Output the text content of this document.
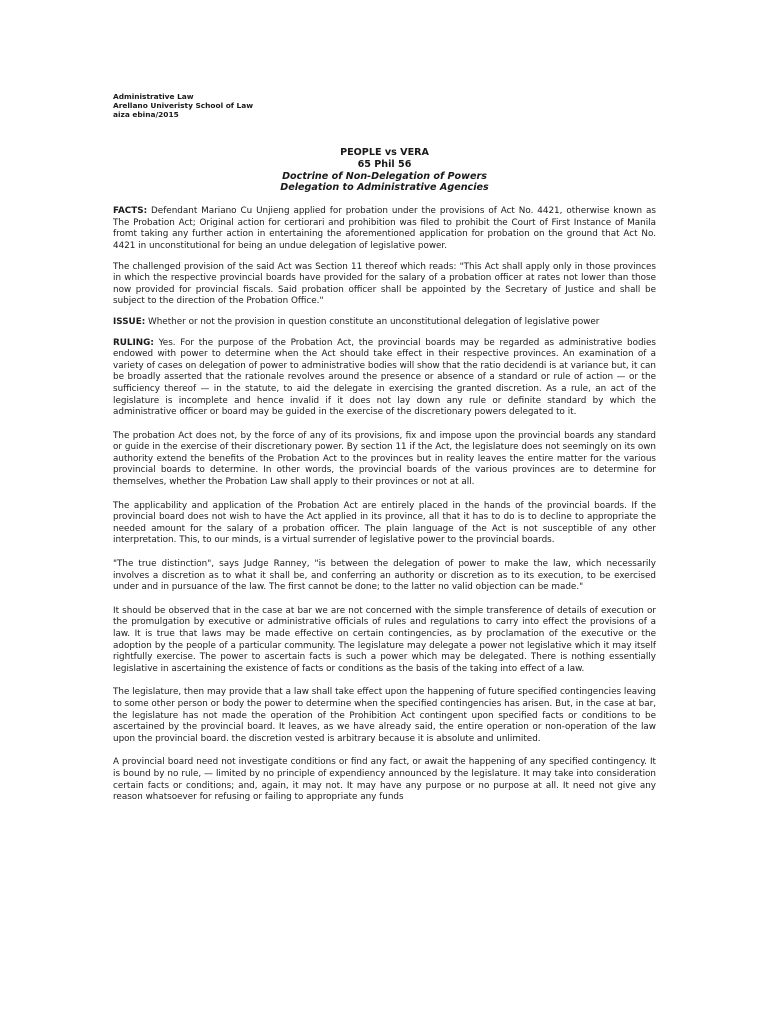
Administrative Law
Arellano Univeristy School of Law
aiza ebina/2015
PEOPLE vs VERA
65 Phil 56
Doctrine of Non-Delegation of Powers
Delegation to Administrative Agencies
FACTS: Defendant Mariano Cu Unjieng applied for probation under the provisions of Act No. 4421, otherwise known as The Probation Act; Original action for certiorari and prohibition was filed to prohibit the Court of First Instance of Manila fromt taking any further action in entertaining the aforementioned application for probation on the ground that Act No. 4421 in unconstitutional for being an undue delegation of legislative power.
The challenged provision of the said Act was Section 11 thereof which reads: "This Act shall apply only in those provinces in which the respective provincial boards have provided for the salary of a probation officer at rates not lower than those now provided for provincial fiscals. Said probation officer shall be appointed by the Secretary of Justice and shall be subject to the direction of the Probation Office."
ISSUE: Whether or not the provision in question constitute an unconstitutional delegation of legislative power
RULING: Yes. For the purpose of the Probation Act, the provincial boards may be regarded as administrative bodies endowed with power to determine when the Act should take effect in their respective provinces. An examination of a variety of cases on delegation of power to administrative bodies will show that the ratio decidendi is at variance but, it can be broadly asserted that the rationale revolves around the presence or absence of a standard or rule of action — or the sufficiency thereof — in the statute, to aid the delegate in exercising the granted discretion. As a rule, an act of the legislature is incomplete and hence invalid if it does not lay down any rule or definite standard by which the administrative officer or board may be guided in the exercise of the discretionary powers delegated to it.
The probation Act does not, by the force of any of its provisions, fix and impose upon the provincial boards any standard or guide in the exercise of their discretionary power. By section 11 if the Act, the legislature does not seemingly on its own authority extend the benefits of the Probation Act to the provinces but in reality leaves the entire matter for the various provincial boards to determine. In other words, the provincial boards of the various provinces are to determine for themselves, whether the Probation Law shall apply to their provinces or not at all.
The applicability and application of the Probation Act are entirely placed in the hands of the provincial boards. If the provincial board does not wish to have the Act applied in its province, all that it has to do is to decline to appropriate the needed amount for the salary of a probation officer. The plain language of the Act is not susceptible of any other interpretation. This, to our minds, is a virtual surrender of legislative power to the provincial boards.
"The true distinction", says Judge Ranney, "is between the delegation of power to make the law, which necessarily involves a discretion as to what it shall be, and conferring an authority or discretion as to its execution, to be exercised under and in pursuance of the law. The first cannot be done; to the latter no valid objection can be made."
It should be observed that in the case at bar we are not concerned with the simple transference of details of execution or the promulgation by executive or administrative officials of rules and regulations to carry into effect the provisions of a law. It is true that laws may be made effective on certain contingencies, as by proclamation of the executive or the adoption by the people of a particular community. The legislature may delegate a power not legislative which it may itself rightfully exercise. The power to ascertain facts is such a power which may be delegated. There is nothing essentially legislative in ascertaining the existence of facts or conditions as the basis of the taking into effect of a law.
The legislature, then may provide that a law shall take effect upon the happening of future specified contingencies leaving to some other person or body the power to determine when the specified contingencies has arisen. But, in the case at bar, the legislature has not made the operation of the Prohibition Act contingent upon specified facts or conditions to be ascertained by the provincial board. It leaves, as we have already said, the entire operation or non-operation of the law upon the provincial board. the discretion vested is arbitrary because it is absolute and unlimited.
A provincial board need not investigate conditions or find any fact, or await the happening of any specified contingency. It is bound by no rule, — limited by no principle of expendiency announced by the legislature. It may take into consideration certain facts or conditions; and, again, it may not. It may have any purpose or no purpose at all. It need not give any reason whatsoever for refusing or failing to appropriate any funds
